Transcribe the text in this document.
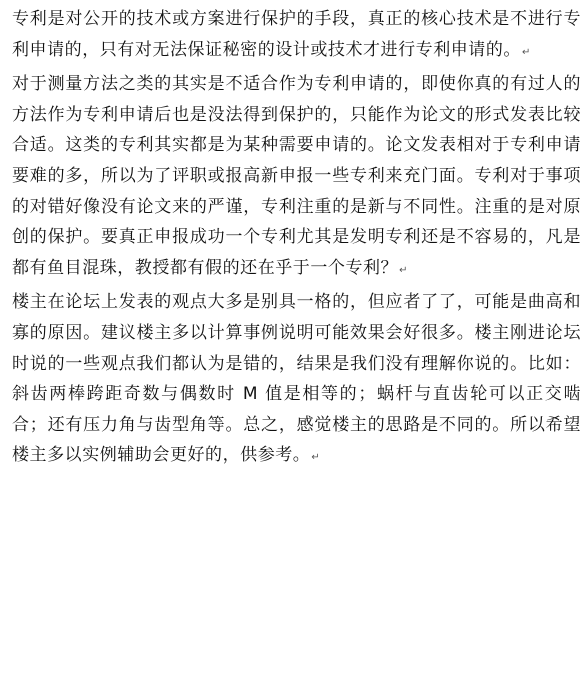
专利是对公开的技术或方案进行保护的手段，真正的核心技术是不进行专利申请的，只有对无法保证秘密的设计或技术才进行专利申请的。↵

对于测量方法之类的其实是不适合作为专利申请的，即使你真的有过人的方法作为专利申请后也是没法得到保护的，只能作为论文的形式发表比较合适。这类的专利其实都是为某种需要申请的。论文发表相对于专利申请要难的多，所以为了评职或报高新申报一些专利来充门面。专利对于事项的对错好像没有论文来的严谨，专利注重的是新与不同性。注重的是对原创的保护。要真正申报成功一个专利尤其是发明专利还是不容易的，凡是都有鱼目混珠，教授都有假的还在乎于一个专利？↵

楼主在论坛上发表的观点大多是别具一格的，但应者了了，可能是曲高和寡的原因。建议楼主多以计算事例说明可能效果会好很多。楼主刚进论坛时说的一些观点我们都认为是错的，结果是我们没有理解你说的。比如：斜齿两棒跨距奇数与偶数时 M 值是相等的；蜗杆与直齿轮可以正交啮合；还有压力角与齿型角等。总之，感觉楼主的思路是不同的。所以希望楼主多以实例辅助会更好的，供参考。↵
